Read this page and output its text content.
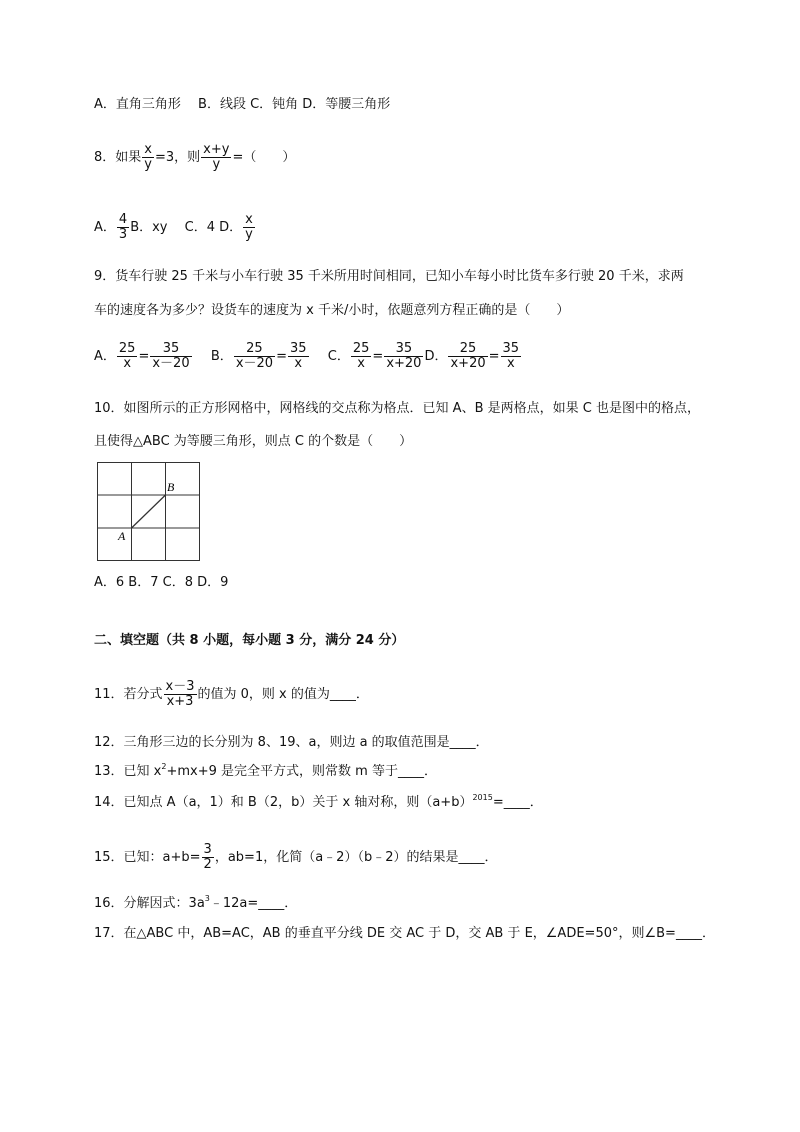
A．直角三角形　 B．线段 C．钝角 D．等腰三角形
8．如果 $\frac{x}{y} =3$，则 $\frac{x+y}{y}$ =（　　）
A． $\frac{4}{3}$ B．xy　 C．4 D． $\frac{x}{y}$
9．货车行驶 25 千米与小车行驶 35 千米所用时间相同，已知小车每小时比货车多行驶 20 千米，求两
车的速度各为多少？设货车的速度为 x 千米/小时，依题意列方程正确的是（　　）
A． $\frac{25}{x} = \frac{35}{x-20}$ B． $\frac{25}{x-20} = \frac{35}{x}$ C． $\frac{25}{x} = \frac{35}{x+20}$ D． $\frac{25}{x+20} = \frac{35}{x}$
10．如图所示的正方形网格中，网格线的交点称为格点．已知 A、B 是两格点，如果 C 也是图中的格点，
且使得△ABC 为等腰三角形，则点 C 的个数是（　　）
A
B
A．6 B．7 C．8 D．9
二、填空题（共 8 小题，每小题 3 分，满分 24 分）
11．若分式 $\frac{x-3}{x+3}$ 的值为 0，则 x 的值为____．
12．三角形三边的长分别为 8、19、a，则边 a 的取值范围是____．
13．已知 $x^2+mx+9$ 是完全平方式，则常数 m 等于____．
14．已知点 A（a，1）和 B（2，b）关于 x 轴对称，则$(a+b)^{2015}=\_\_\_\_$．
15．已知：$a+b= \frac{3}{2}$ ，ab=1，化简（a﹣2）（b﹣2）的结果是____．
16．分解因式：$3a^3﹣12a=\_\_\_\_$．
17．在△ABC 中，AB=AC，AB 的垂直平分线 DE 交 AC 于 D，交 AB 于 E，∠ADE=50°，则∠B=____．
